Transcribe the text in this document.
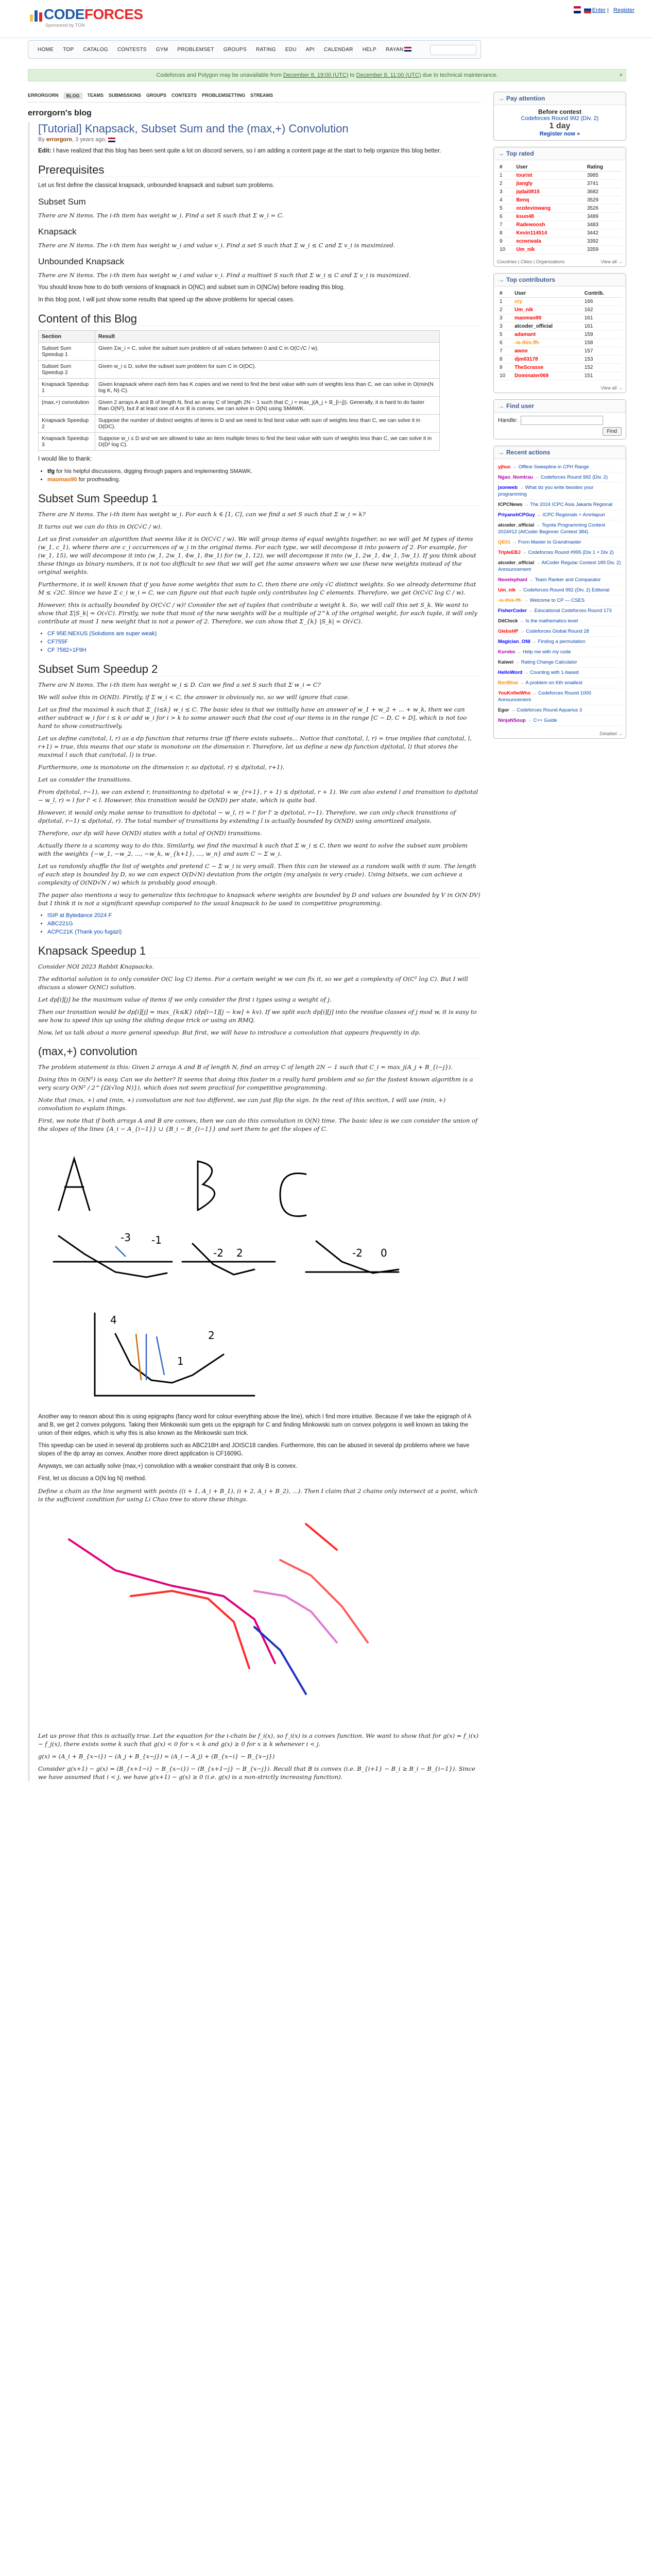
CODEFORCES
Sponsored by TON
Enter | Register
HOME TOP CATALOG CONTESTS GYM PROBLEMSET GROUPS RATING EDU API CALENDAR HELP RAYAN
Codeforces and Polygon may be unavailable from December 8, 19:00 (UTC) to December 8, 11:00 (UTC) due to technical maintenance.	×
ERRORGORN	BLOG	TEAMS SUBMISSIONS GROUPS CONTESTS PROBLEMSETTING STREAMS
errorgorn's blog
[Tutorial] Knapsack, Subset Sum and the (max,+) Convolution
By errorgorn, 3 years ago,
Edit: I have realized that this blog has been sent quite a lot on discord servers, so I am adding a content page at the start to help organize this blog better.
Prerequisites
Let us first define the classical knapsack, unbounded knapsack and subset sum problems.
Subset Sum
There are N items. The i-th item has weight w_i. Find a set S such that Σ w_i = C.
Knapsack
There are N items. The i-th item has weight w_i and value v_i. Find a set S such that Σ w_i ≤ C and Σ v_i is maximized.
Unbounded Knapsack
There are N items. The i-th item has weight w_i and value v_i. Find a multiset S such that Σ w_i ≤ C and Σ v_i is maximized.
You should know how to do both versions of knapsack in O(NC) and subset sum in O(NC/w) before reading this blog.
In this blog post, I will just show some results that speed up the above problems for special cases.
Content of this Blog
Section	Result
Subset Sum Speedup 1	Given Σw_i = C, solve the subset sum problem of all values between 0 and C in O(C√C / w).
Subset Sum Speedup 2	Given w_i ≤ D, solve the subset sum problem for sum C in O(DC).
Knapsack Speedup 1	Given knapsack where each item has K copies and we need to find the best value with sum of weights less than C, we can solve in O(min(N log K, N)·C).
(max,+) convolution	Given 2 arrays A and B of length N, find an array C of length 2N − 1 such that C_i = max_j(A_j + B_{i−j}). Generally, it is hard to do faster than O(N²), but if at least one of A or B is convex, we can solve in O(N) using SMAWK.
Knapsack Speedup 2	Suppose the number of distinct weights of items is D and we need to find best value with sum of weights less than C, we can solve it in O(DC).
Knapsack Speedup 3	Suppose w_i ≤ D and we are allowed to take an item multiple times to find the best value with sum of weights less than C, we can solve it in O(D² log C).
I would like to thank:
• tfg for his helpful discussions, digging through papers and implementing SMAWK.
• maomao90 for proofreading.
Subset Sum Speedup 1
There are N items. The i-th item has weight w_i. For each k ∈ [1, C], can we find a set S such that Σ w_i = k?
It turns out we can do this in O(C√C / w).
Let us first consider an algorithm that seems like it is O(C√C / w). We will group items of equal weights together, so we will get M types of items (w_1, c_1), where there are c_i occurrences of w_i in the original items. For each type, we will decompose it into powers of 2. For example, for (w_1, 15), we will decompose it into (w_1, 2w_1, 4w_1, 8w_1) for (w_1, 12), we will decompose it into (w_1, 2w_1, 4w_1, 5w_1). If you think about these things as binary numbers, it is not too difficult to see that we will get the same answers when we use these new weights instead of the original weights.
Furthermore, it is well known that if you have some weights that sum to C, then there are only √C distinct weights. So we already determine that M ≤ √2C. Since we have Σ c_i w_i = C, we can figure out that each tuple only contributes log C elements. Therefore, we get O(C√C log C / w).
However, this is actually bounded by O(C√C / w)! Consider the set of tuples that contribute a weight k. So, we will call this set S_k. We want to show that Σ|S_k| = O(√C). Firstly, we note that most of the new weights will be a multiple of 2^k of the original weight, for each tuple, it will only contribute at most 1 new weight that is not a power of 2. Therefore, we can show that Σ_{k} |S_k| = O(√C).
• CF 95E:NEXUS (Solutions are super weak)
• CF755F
• CF 7582+1F9H
Subset Sum Speedup 2
There are N items. The i-th item has weight w_i ≤ D. Can we find a set S such that Σ w_i = C?
We will solve this in O(ND). Firstly, if Σ w_i < C, the answer is obviously no, so we will ignore that case.
Let us find the maximal k such that Σ_{i≤k} w_i ≤ C. The basic idea is that we initially have an answer of w_1 + w_2 + ... + w_k, then we can either subtract w_i for i ≤ k or add w_i for i > k to some answer such that the cost of our items is in the range [C − D, C + D], which is not too hard to show constructively.
Let us define can(total, l, r) as a dp function that returns true iff there exists subsets... Notice that can(total, l, r) = true implies that can(total, l, r+1) = true, this means that our state is monotone on the dimension r. Therefore, let us define a new dp function dp(total, l) that stores the maximal l such that can(total, l) is true.
Furthermore, one is monotone on the dimension r, so dp(total, r) ≤ dp(total, r+1).
Let us consider the transitions.
From dp(total, r−1), we can extend r, transitioning to dp(total + w_{r+1}, r + 1) ≤ dp(total, r + 1). We can also extend l and transition to dp(total − w_l, r) = l for l' < l. However, this transition would be O(ND) per state, which is quite bad.
However, it would only make sense to transition to dp(total − w_l, r) = l' for l' ≥ dp(total, r−1). Therefore, we can only check transitions of dp(total, r−1) ≤ dp(total, r). The total number of transitions by extending l is actually bounded by O(ND) using amortized analysis.
Therefore, our dp will have O(ND) states with a total of O(ND) transitions.
Actually there is a scammy way to do this. Similarly, we find the maximal k such that Σ w_i ≤ C, then we want to solve the subset sum problem with the weights {−w_1, −w_2, ..., −w_k, w_{k+1}, ..., w_n} and sum C − Σ w_i.
Let us randomly shuffle the list of weights and pretend C − Σ w_i is very small. Then this can be viewed as a random walk with 0 sum. The length of each step is bounded by D, so we can expect O(D√N) deviation from the origin (my analysis is very crude). Using bitsets, we can achieve a complexity of O(ND√N / w) which is probably good enough.
The paper also mentions a way to generalize this technique to knapsack where weights are bounded by D and values are bounded by V in O(N·DV) but I think it is not a significant speedup compared to the usual knapsack to be used in competitive programming.
• ISIP at Bytedance 2024 F
• ABC221G
• ACPC21K (Thank you fugazi)
Knapsack Speedup 1
Consider NOI 2023 Rabbit Knapsacks.
The editorial solution is to only consider O(C log C) items. For a certain weight w we can fix it, so we get a complexity of O(C² log C). But I will discuss a slower O(NC) solution.
Let dp[i][j] be the maximum value of items if we only consider the first i types using a weight of j.
Then our transition would be dp[i][j] = max_{k≤K} (dp[i−1][j − kw] + kv). If we split each dp[i][j] into the residue classes of j mod w, it is easy to see how to speed this up using the sliding deque trick or using an RMQ.
Now, let us talk about a more general speedup. But first, we will have to introduce a convolution that appears frequently in dp.
(max,+) convolution
The problem statement is this: Given 2 arrays A and B of length N, find an array C of length 2N − 1 such that C_i = max_j(A_j + B_{i−j}).
Doing this in O(N²) is easy. Can we do better? It seems that doing this faster in a really hard problem and so far the fastest known algorithm is a very scary O(N² / 2^{Ω(√log N)}), which does not seem practical for competitive programming.
Note that (max, +) and (min, +) convolution are not too different, we can just flip the sign. In the rest of this section, I will use (min, +) convolution to explain things.
First, we note that if both arrays A and B are convex, then we can do this convolution in O(N) time. The basic idea is we can consider the union of the slopes of the lines {A_i − A_{i−1}} ∪ {B_i − B_{i−1}} and sort them to get the slopes of C.
-3 -1
-2 2	-2 0
4
2
1
Another way to reason about this is using epigraphs (fancy word for colour everything above the line), which I find more intuitive. Because if we take the epigraph of A and B, we get 2 convex polygons. Taking their Minkowski sum gets us the epigraph for C and finding Minkowski sum on convex polygons is well known as taking the union of their edges, which is why this is also known as the Minkowski sum trick.
This speedup can be used in several dp problems such as ABC218H and JOISC18 candies. Furthermore, this can be abused in several dp problems where we have slopes of the dp array as convex. Another more direct application is CF1609G.
Anyways, we can actually solve (max,+) convolution with a weaker constraint that only B is convex.
First, let us discuss a O(N log N) method.
Define a chain as the line segment with points ((i + 1, A_i + B_1), (i + 2, A_i + B_2), ...). Then I claim that 2 chains only intersect at a point, which is the sufficient condition for using Li Chao tree to store these things.
Let us prove that this is actually true. Let the equation for the i-chain be f_i(x), so f_i(x) is a convex function. We want to show that for g(x) = f_i(x) − f_j(x), there exists some k such that g(x) < 0 for x < k and g(x) ≥ 0 for x ≥ k whenever i < j.
g(x) = (A_i + B_{x−i}) − (A_j + B_{x−j}) = (A_i − A_j) + (B_{x−i} − B_{x−j})
Consider g(x+1) − g(x) = (B_{x+1−i} − B_{x−i}) − (B_{x+1−j} − B_{x−j}). Recall that B is convex (i.e. B_{i+1} − B_i ≥ B_i − B_{i−1}). Since we have assumed that i < j, we have g(x+1) − g(x) ≥ 0 (i.e. g(x) is a non-strictly increasing function).
→ Pay attention
Before contest
Codeforces Round 992 (Div. 2)
1 day
Register now »
→ Top rated
#	User	Rating
1	tourist	3985
2	jiangly	3741
3	jqdai0815	3682
4	Benq	3529
5	orzdevinwang	3526
6	ksun48	3489
7	Radewoosh	3483
8	Kevin114514	3442
9	ecnerwala	3392
10	Um_nik	3359
Countries | Cities | Organizations	View all →
→ Top contributors
#	User	Contrib.
1	cry	166
2	Um_nik	162
3	maomao90	161
3	atcoder_official	161
5	adamant	159
6	-is-this-fft-	158
7	awoo	157
8	djm03178	153
9	TheScrasse	152
10	Dominater069	151
View all →
→ Find user
Handle:
Find
→ Recent actions
yjhuc → Offline Sweepline in CPH Range
Ngao_Nomtrau → Codeforces Round 992 (Div. 2)
jsonweb → What do you write besides your programming
ICPCNews → The 2024 ICPC Asia Jakarta Regional
PriyanshCPGuy → ICPC Regionals + Amritapuri
atcoder_official → Toyota Programming Contest 2024#12 (AtCoder Beginner Contest 384)
QE01 → From Master to Grandmaster
TripleEBJ → Codeforces Round #995 (Div 1 + Div 2)
atcoder_official → AtCoder Regular Contest 189 Div. 2) Announcement
Neoelephant → Team Ranker and Comparator
Um_nik → Codeforces Round 992 (Div. 2) Editorial
-is-this-fft- → Welcome to CP — CSES
FisherCoder → Educational Codeforces Round 173
DitClock → Is the mathematics level
GlebsHP → Codeforces Global Round 28
Magician_ONI → Finding a permutation
Kuroko → Help me with my code
Kaiwei → Rating Change Calculator
HelloWord → Counting with 1-based
BeriBhai → A problem on Kth smallest
YouKn0wWho → Codeforces Round 1000 Announcement
Egor → Codeforces Round Aquarius 3
NinjaNSoup → C++ Guide
Detailed →
